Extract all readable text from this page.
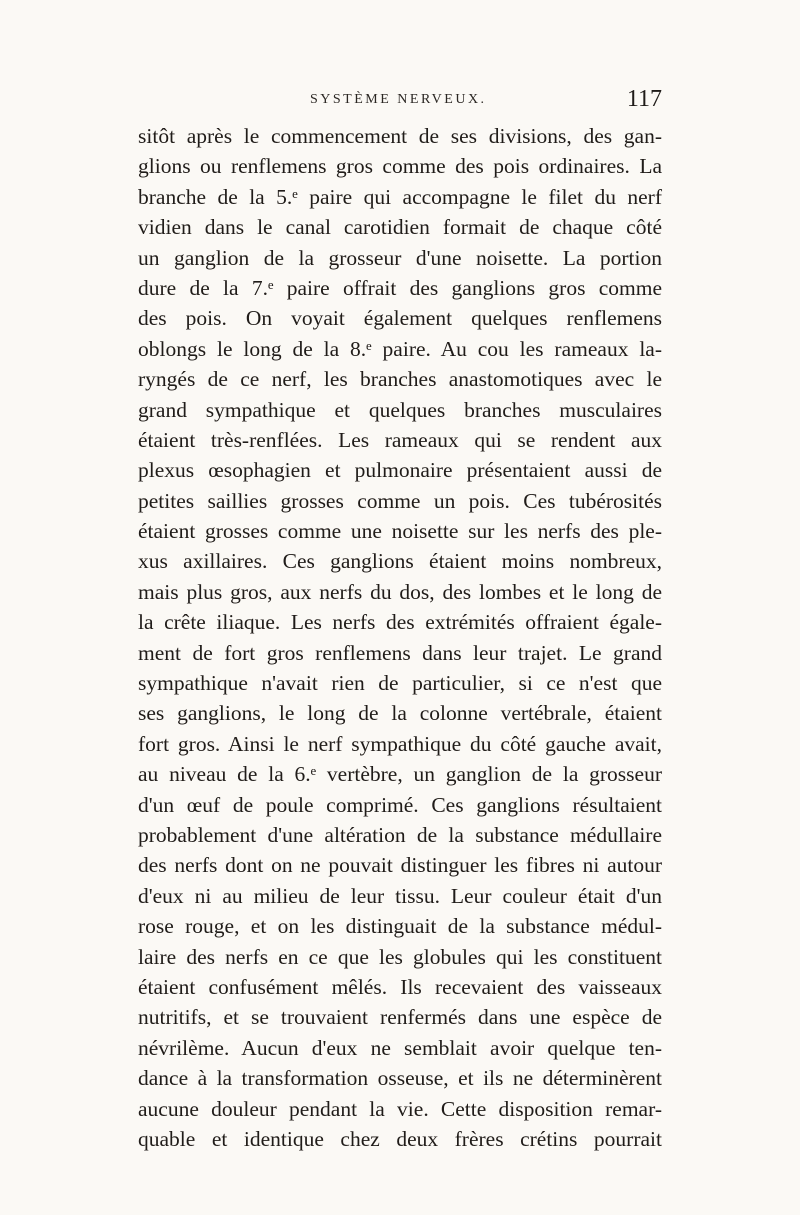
SYSTÈME NERVEUX.	117
sitôt après le commencement de ses divisions, des gan-
glions ou renflemens gros comme des pois ordinaires. La
branche de la 5.ᵉ paire qui accompagne le filet du nerf
vidien dans le canal carotidien formait de chaque côté
un ganglion de la grosseur d'une noisette. La portion
dure de la 7.ᵉ paire offrait des ganglions gros comme
des pois. On voyait également quelques renflemens
oblongs le long de la 8.ᵉ paire. Au cou les rameaux la-
ryngés de ce nerf, les branches anastomotiques avec le
grand sympathique et quelques branches musculaires
étaient très-renflées. Les rameaux qui se rendent aux
plexus œsophagien et pulmonaire présentaient aussi de
petites saillies grosses comme un pois. Ces tubérosités
étaient grosses comme une noisette sur les nerfs des ple-
xus axillaires. Ces ganglions étaient moins nombreux,
mais plus gros, aux nerfs du dos, des lombes et le long de
la crête iliaque. Les nerfs des extrémités offraient égale-
ment de fort gros renflemens dans leur trajet. Le grand
sympathique n'avait rien de particulier, si ce n'est que
ses ganglions, le long de la colonne vertébrale, étaient
fort gros. Ainsi le nerf sympathique du côté gauche avait,
au niveau de la 6.ᵉ vertèbre, un ganglion de la grosseur
d'un œuf de poule comprimé. Ces ganglions résultaient
probablement d'une altération de la substance médullaire
des nerfs dont on ne pouvait distinguer les fibres ni autour
d'eux ni au milieu de leur tissu. Leur couleur était d'un
rose rouge, et on les distinguait de la substance médul-
laire des nerfs en ce que les globules qui les constituent
étaient confusément mêlés. Ils recevaient des vaisseaux
nutritifs, et se trouvaient renfermés dans une espèce de
névrilème. Aucun d'eux ne semblait avoir quelque ten-
dance à la transformation osseuse, et ils ne déterminèrent
aucune douleur pendant la vie. Cette disposition remar-
quable et identique chez deux frères crétins pourrait
